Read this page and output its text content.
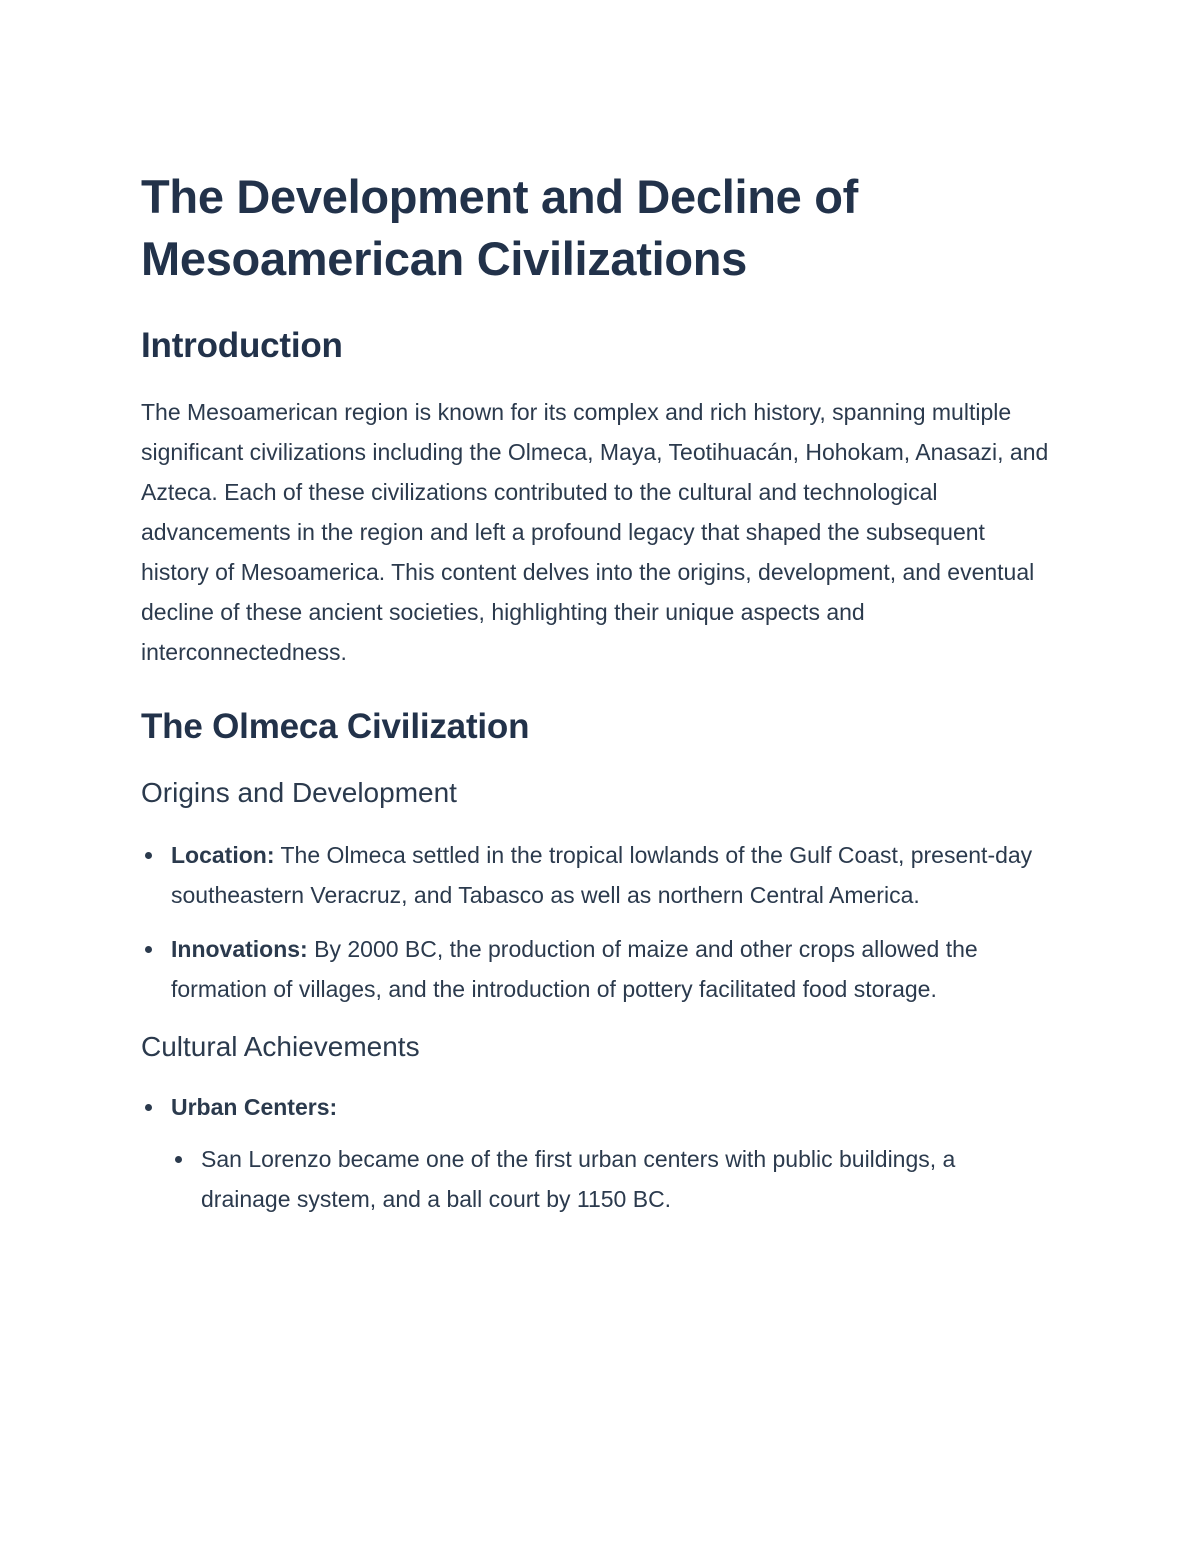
The Development and Decline of Mesoamerican Civilizations
Introduction

The Mesoamerican region is known for its complex and rich history, spanning multiple significant civilizations including the Olmeca, Maya, Teotihuacán, Hohokam, Anasazi, and Azteca. Each of these civilizations contributed to the cultural and technological advancements in the region and left a profound legacy that shaped the subsequent history of Mesoamerica. This content delves into the origins, development, and eventual decline of these ancient societies, highlighting their unique aspects and interconnectedness.

The Olmeca Civilization
Origins and Development
Location: The Olmeca settled in the tropical lowlands of the Gulf Coast, present-day southeastern Veracruz, and Tabasco as well as northern Central America.
Innovations: By 2000 BC, the production of maize and other crops allowed the formation of villages, and the introduction of pottery facilitated food storage.
Cultural Achievements
Urban Centers:
San Lorenzo became one of the first urban centers with public buildings, a drainage system, and a ball court by 1150 BC.
